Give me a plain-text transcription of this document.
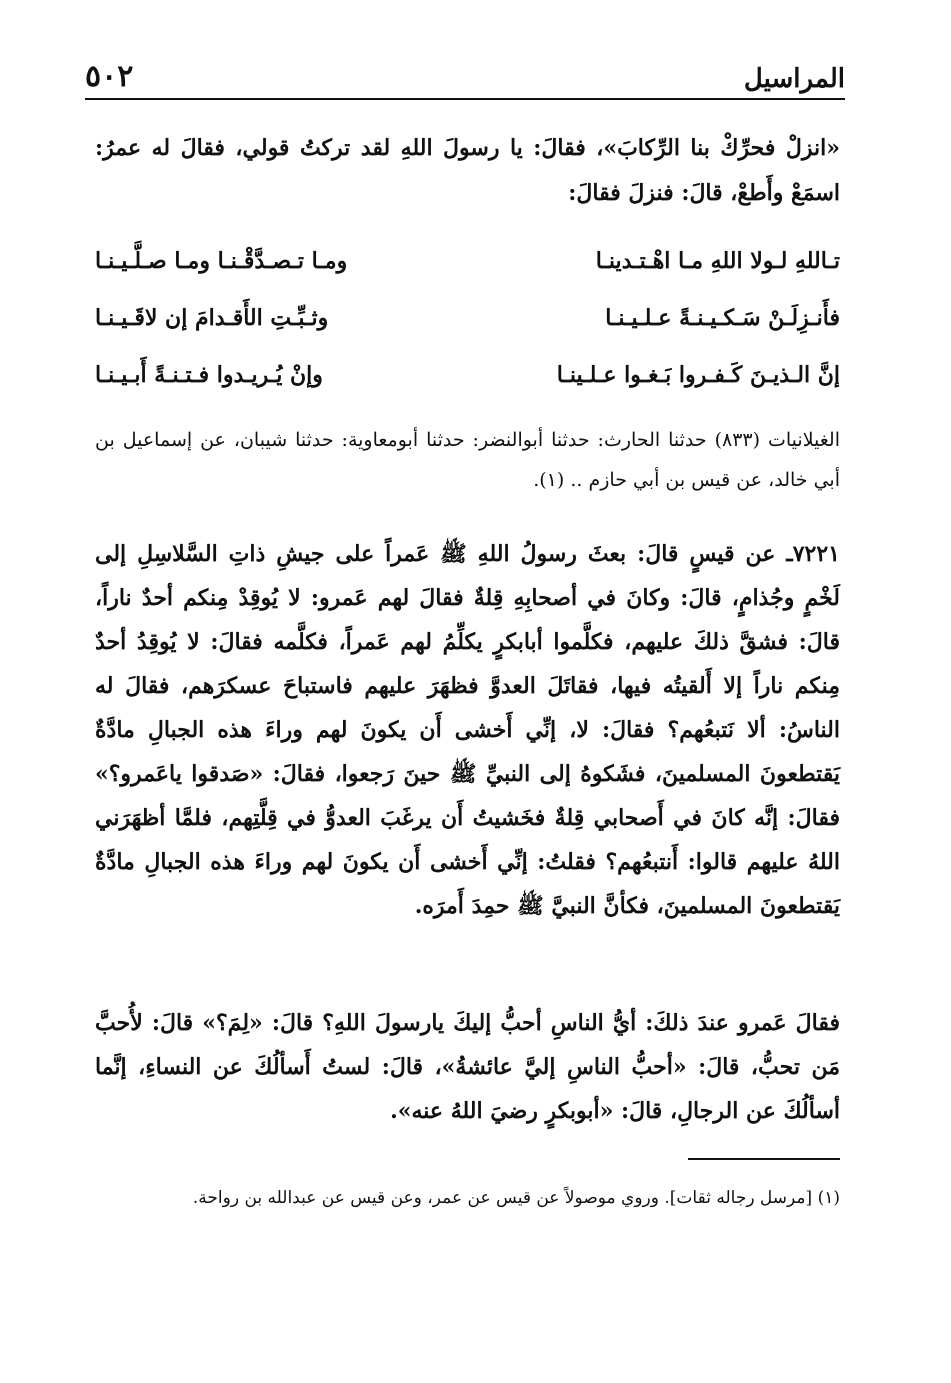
المراسيل
٥٠٢
«انزلْ فحرِّكْ بنا الرِّكابَ»، فقالَ: يا رسولَ اللهِ لقد تركتُ قولي، فقالَ له عمرُ: اسمَعْ وأَطعْ، قالَ: فنزلَ فقالَ:
تـاللهِ لـولا اللهِ مـا اهْـتـدينـا
ومـا تـصـدَّقْـنـا ومـا صـلَّـيـنـا
فأَنـزِلَـنْ سَـكـيـنـةً عـلـيـنـا
وثـبِّـتِ الأَقـدامَ إن لاقَـيـنـا
إنَّ الـذيـنَ كَـفـروا بَـغـوا عـلـينـا
وإنْ يُـريـدوا فـتـنـةً أَبـيـنـا
الغيلانيات (٨٣٣) حدثنا الحارث: حدثنا أبوالنضر: حدثنا أبومعاوية: حدثنا شيبان، عن إسماعيل بن أبي خالد، عن قيس بن أبي حازم .. (١).
٧٢٢١ـ عن قيسٍ قالَ: بعثَ رسولُ اللهِ ﷺ عَمراً على جيشِ ذاتِ السَّلاسِلِ إلى لَخْمٍ وجُذامٍ، قالَ: وكانَ في أصحابِهِ قِلةٌ فقالَ لهم عَمرو: لا يُوقِدْ مِنكم أحدٌ ناراً، قالَ: فشقَّ ذلكَ عليهم، فكلَّموا أبابكرٍ يكلِّمُ لهم عَمراً، فكلَّمه فقالَ: لا يُوقِدُ أحدٌ مِنكم ناراً إلا أَلقيتُه فيها، فقاتَلَ العدوَّ فظهَرَ عليهم فاستباحَ عسكرَهم، فقالَ له الناسُ: ألا نَتبعُهم؟ فقالَ: لا، إنِّي أَخشى أَن يكونَ لهم وراءَ هذه الجبالِ مادَّةٌ يَقتطعونَ المسلمينَ، فشَكوهُ إلى النبيِّ ﷺ حينَ رَجعوا، فقالَ: «صَدقوا ياعَمرو؟» فقالَ: إنَّه كانَ في أَصحابي قِلةٌ فخَشيتُ أَن يرغَبَ العدوُّ في قِلَّتِهم، فلمَّا أظهَرَني اللهُ عليهم قالوا: أَنتبعُهم؟ فقلتُ: إنِّي أَخشى أَن يكونَ لهم وراءَ هذه الجبالِ مادَّةٌ يَقتطعونَ المسلمينَ، فكأنَّ النبيَّ ﷺ حمِدَ أَمرَه.
فقالَ عَمرو عندَ ذلكَ: أيُّ الناسِ أحبُّ إليكَ يارسولَ اللهِ؟ قالَ: «لِمَ؟» قالَ: لأُحبَّ مَن تحبُّ، قالَ: «أحبُّ الناسِ إليَّ عائشةُ»، قالَ: لستُ أَسألُكَ عن النساءِ، إنَّما أسألُكَ عن الرجالِ، قالَ: «أبوبكرٍ رضيَ اللهُ عنه».
(١) [مرسل رجاله ثقات]. وروي موصولاً عن قيس عن عمر، وعن قيس عن عبدالله بن رواحة.
